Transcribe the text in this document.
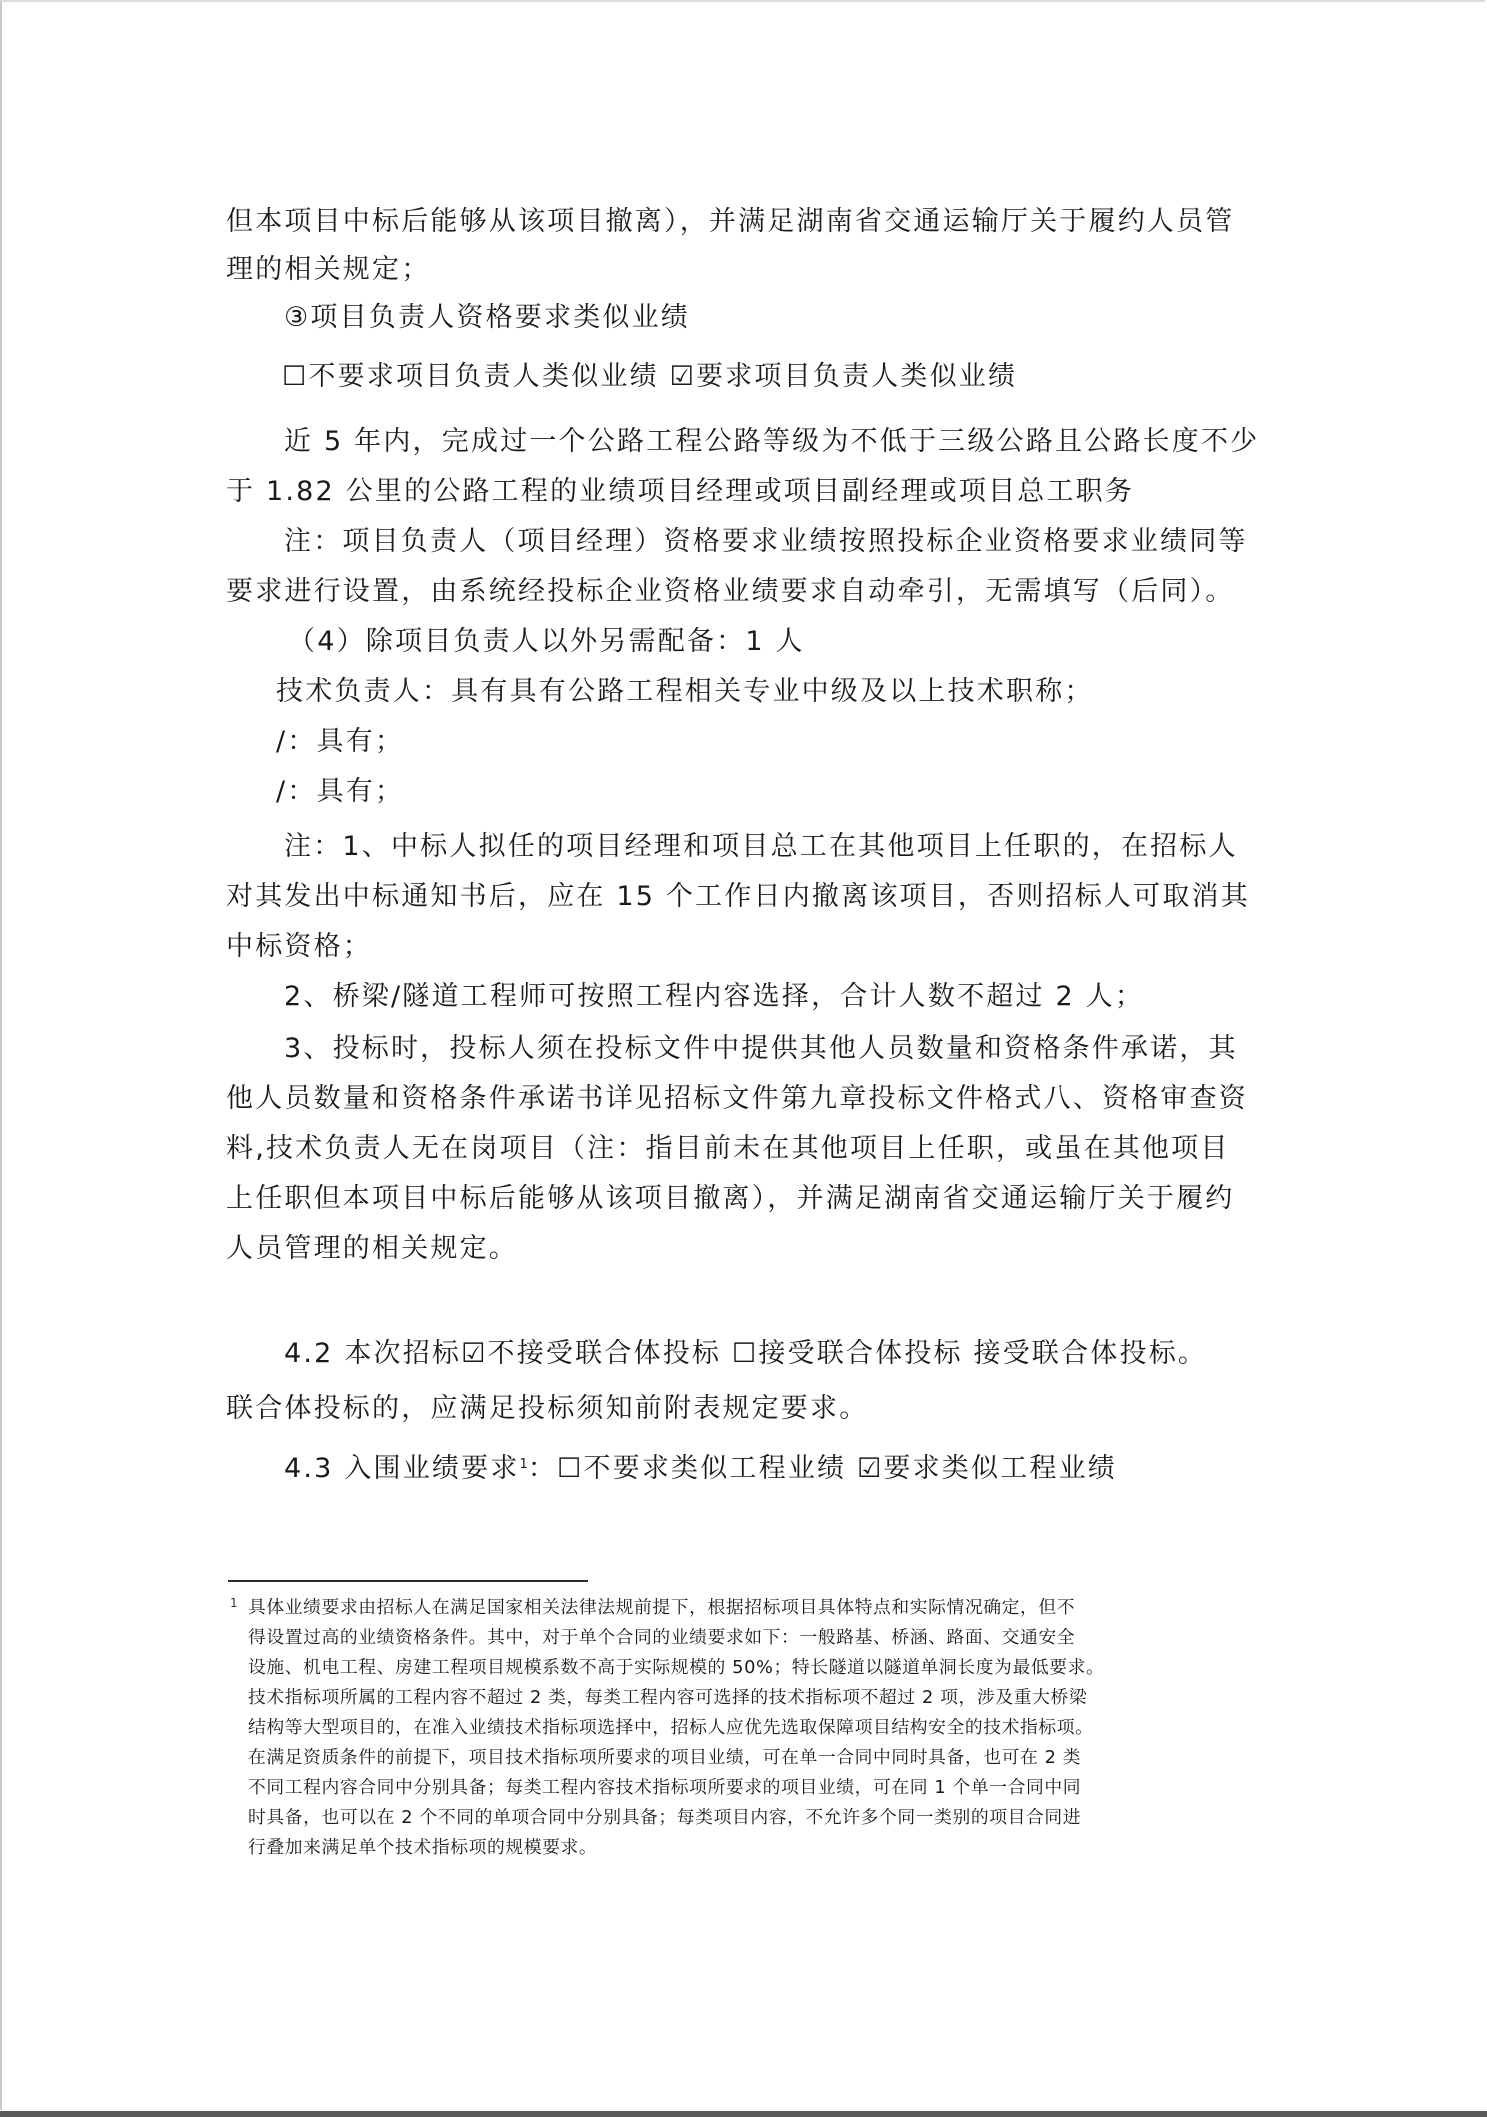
但本项目中标后能够从该项目撤离），并满足湖南省交通运输厅关于履约人员管
理的相关规定；
③项目负责人资格要求类似业绩
☐不要求项目负责人类似业绩 ☑要求项目负责人类似业绩
近 5 年内，完成过一个公路工程公路等级为不低于三级公路且公路长度不少
于 1.82 公里的公路工程的业绩项目经理或项目副经理或项目总工职务
注：项目负责人（项目经理）资格要求业绩按照投标企业资格要求业绩同等
要求进行设置，由系统经投标企业资格业绩要求自动牵引，无需填写（后同）。
（4）除项目负责人以外另需配备：1 人
技术负责人：具有具有公路工程相关专业中级及以上技术职称；
/：具有；
/：具有；
注：1、中标人拟任的项目经理和项目总工在其他项目上任职的，在招标人
对其发出中标通知书后，应在 15 个工作日内撤离该项目，否则招标人可取消其
中标资格；
2、桥梁/隧道工程师可按照工程内容选择，合计人数不超过 2 人；
3、投标时，投标人须在投标文件中提供其他人员数量和资格条件承诺，其
他人员数量和资格条件承诺书详见招标文件第九章投标文件格式八、资格审查资
料,技术负责人无在岗项目（注：指目前未在其他项目上任职，或虽在其他项目
上任职但本项目中标后能够从该项目撤离），并满足湖南省交通运输厅关于履约
人员管理的相关规定。
4.2 本次招标☑不接受联合体投标 ☐接受联合体投标 接受联合体投标。
联合体投标的，应满足投标须知前附表规定要求。
4.3 入围业绩要求$^1$：☐不要求类似工程业绩 ☑要求类似工程业绩
1 具体业绩要求由招标人在满足国家相关法律法规前提下，根据招标项目具体特点和实际情况确定，但不
得设置过高的业绩资格条件。其中，对于单个合同的业绩要求如下：一般路基、桥涵、路面、交通安全
设施、机电工程、房建工程项目规模系数不高于实际规模的 50%；特长隧道以隧道单洞长度为最低要求。
技术指标项所属的工程内容不超过 2 类，每类工程内容可选择的技术指标项不超过 2 项，涉及重大桥梁
结构等大型项目的，在准入业绩技术指标项选择中，招标人应优先选取保障项目结构安全的技术指标项。
在满足资质条件的前提下，项目技术指标项所要求的项目业绩，可在单一合同中同时具备，也可在 2 类
不同工程内容合同中分别具备；每类工程内容技术指标项所要求的项目业绩，可在同 1 个单一合同中同
时具备，也可以在 2 个不同的单项合同中分别具备；每类项目内容，不允许多个同一类别的项目合同进
行叠加来满足单个技术指标项的规模要求。
